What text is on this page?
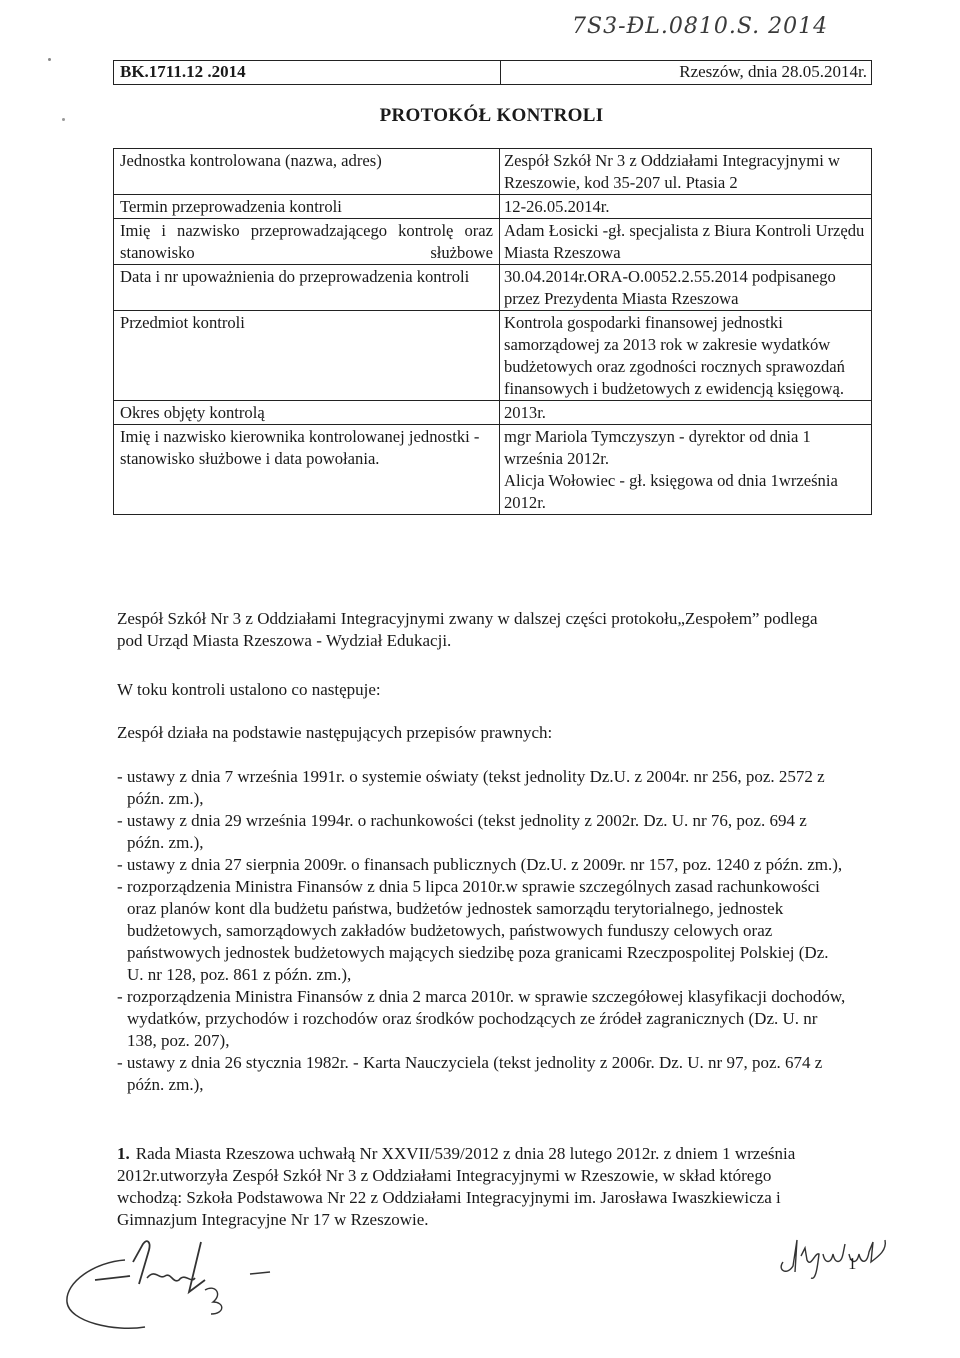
7S3-ĐL.0810.S. 2014
BK.1711.12 .2014	Rzeszów, dnia 28.05.2014r.
PROTOKÓŁ KONTROLI
Jednostka kontrolowana (nazwa, adres)	Zespół Szkół Nr 3 z Oddziałami Integracyjnymi w Rzeszowie, kod 35-207 ul. Ptasia 2
Termin przeprowadzenia kontroli	12-26.05.2014r.
Imię i nazwisko przeprowadzającego kontrolę oraz stanowisko służbowe	Adam Łosicki -gł. specjalista z Biura Kontroli Urzędu Miasta Rzeszowa
Data i nr upoważnienia do przeprowadzenia kontroli	30.04.2014r.ORA-O.0052.2.55.2014 podpisanego przez Prezydenta Miasta Rzeszowa
Przedmiot kontroli	Kontrola gospodarki finansowej jednostki samorządowej za 2013 rok w zakresie wydatków budżetowych oraz zgodności rocznych sprawozdań finansowych i budżetowych z ewidencją księgową.
Okres objęty kontrolą	2013r.
Imię i nazwisko kierownika kontrolowanej jednostki - stanowisko służbowe i data powołania.	mgr Mariola Tymczyszyn - dyrektor od dnia 1 września 2012r.
Alicja Wołowiec - gł. księgowa od dnia 1września 2012r.

Zespół Szkół Nr 3 z Oddziałami Integracyjnymi zwany w dalszej części protokołu„Zespołem” podlega pod Urząd Miasta Rzeszowa - Wydział Edukacji.

W toku kontroli ustalono co następuje:

Zespół działa na podstawie następujących przepisów prawnych:

- ustawy z dnia 7 września 1991r. o systemie oświaty (tekst jednolity Dz.U. z 2004r. nr 256, poz. 2572 z późn. zm.),
- ustawy z dnia 29 września 1994r. o rachunkowości (tekst jednolity z 2002r. Dz. U. nr 76, poz. 694 z późn. zm.),
- ustawy z dnia 27 sierpnia 2009r. o finansach publicznych (Dz.U. z 2009r. nr 157, poz. 1240 z późn. zm.),
- rozporządzenia Ministra Finansów z dnia 5 lipca 2010r.w sprawie szczególnych zasad rachunkowości oraz planów kont dla budżetu państwa, budżetów jednostek samorządu terytorialnego, jednostek budżetowych, samorządowych zakładów budżetowych, państwowych funduszy celowych oraz państwowych jednostek budżetowych mających siedzibę poza granicami Rzeczpospolitej Polskiej (Dz. U. nr 128, poz. 861 z późn. zm.),
- rozporządzenia Ministra Finansów z dnia 2 marca 2010r. w sprawie szczegółowej klasyfikacji dochodów, wydatków, przychodów i rozchodów oraz środków pochodzących ze źródeł zagranicznych (Dz. U. nr 138, poz. 207),
- ustawy z dnia 26 stycznia 1982r. - Karta Nauczyciela (tekst jednolity z 2006r. Dz. U. nr 97, poz. 674 z późn. zm.),

1. Rada Miasta Rzeszowa uchwałą Nr XXVII/539/2012 z dnia 28 lutego 2012r. z dniem 1 września 2012r.utworzyła Zespół Szkół Nr 3 z Oddziałami Integracyjnymi w Rzeszowie, w skład którego wchodzą: Szkoła Podstawowa Nr 22 z Oddziałami Integracyjnymi im. Jarosława Iwaszkiewicza i Gimnazjum Integracyjne Nr 17 w Rzeszowie.

1
